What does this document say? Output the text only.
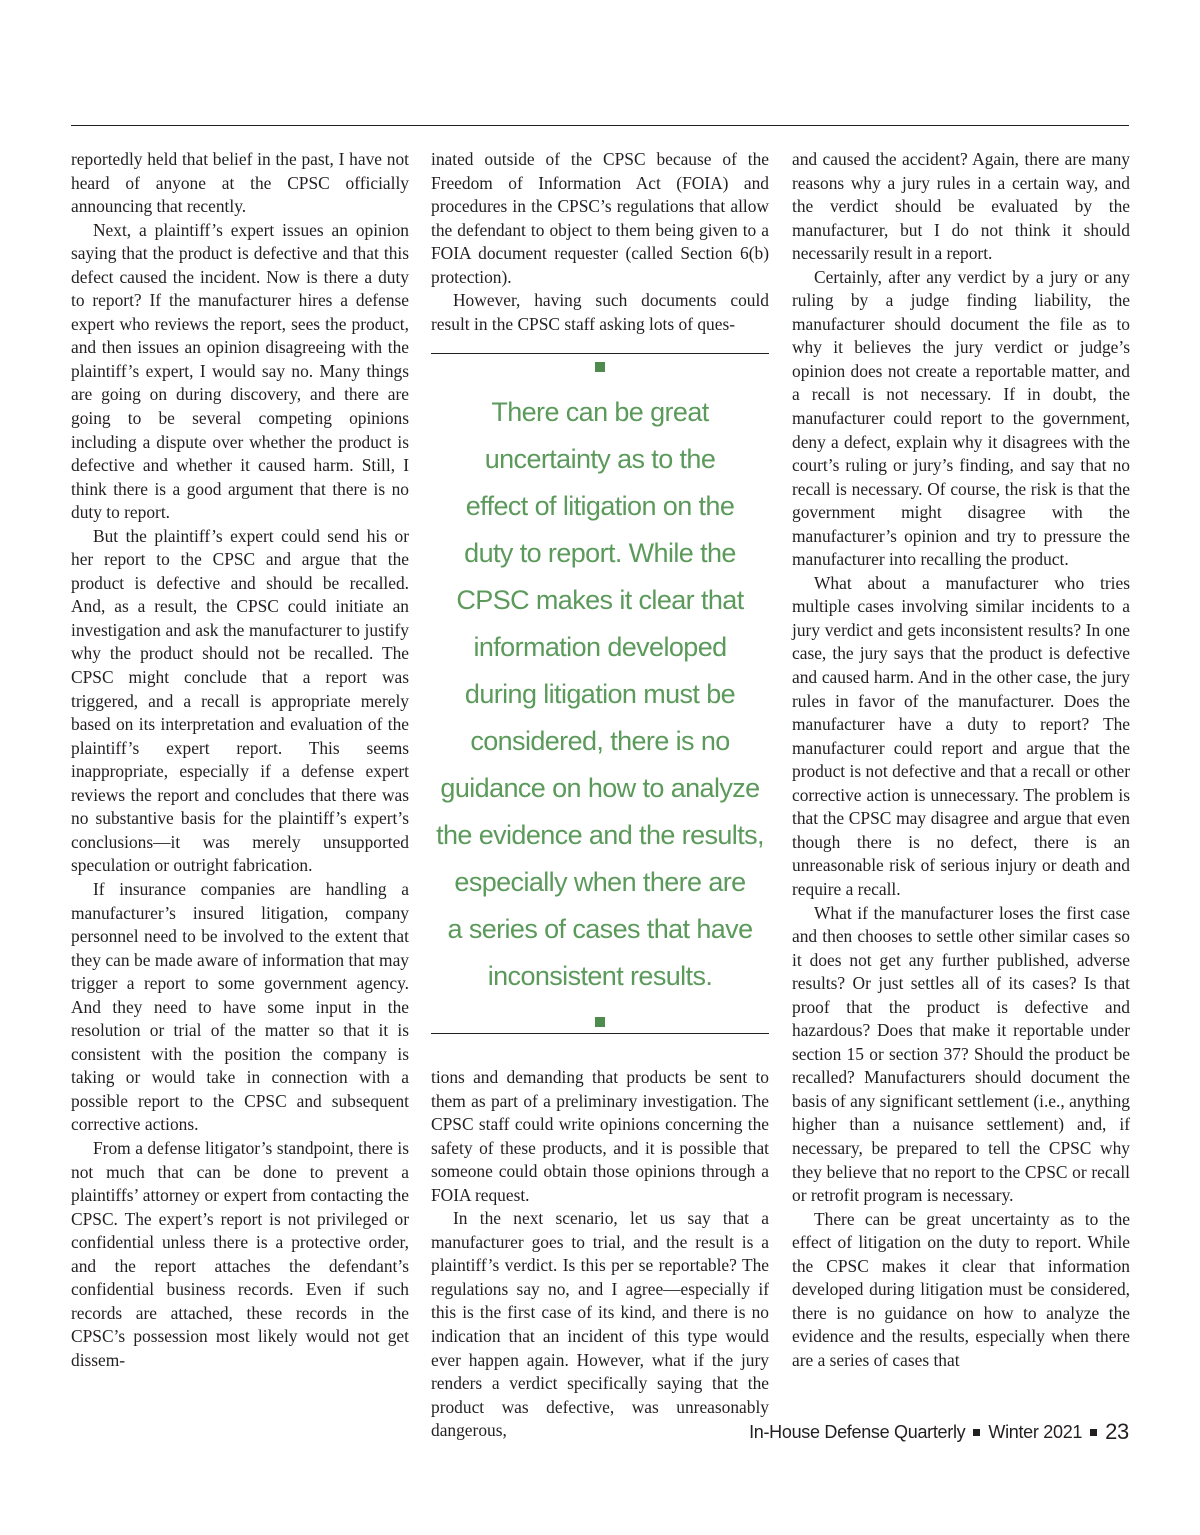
reportedly held that belief in the past, I have not heard of anyone at the CPSC officially announcing that recently.

Next, a plaintiff’s expert issues an opinion saying that the product is defective and that this defect caused the incident. Now is there a duty to report? If the manufacturer hires a defense expert who reviews the report, sees the product, and then issues an opinion disagreeing with the plaintiff’s expert, I would say no. Many things are going on during discovery, and there are going to be several competing opinions including a dispute over whether the product is defective and whether it caused harm. Still, I think there is a good argument that there is no duty to report.

But the plaintiff’s expert could send his or her report to the CPSC and argue that the product is defective and should be recalled. And, as a result, the CPSC could initiate an investigation and ask the manufacturer to justify why the product should not be recalled. The CPSC might conclude that a report was triggered, and a recall is appropriate merely based on its interpretation and evaluation of the plaintiff’s expert report. This seems inappropriate, especially if a defense expert reviews the report and concludes that there was no substantive basis for the plaintiff’s expert’s conclusions—it was merely unsupported speculation or outright fabrication.

If insurance companies are handling a manufacturer’s insured litigation, company personnel need to be involved to the extent that they can be made aware of information that may trigger a report to some government agency. And they need to have some input in the resolution or trial of the matter so that it is consistent with the position the company is taking or would take in connection with a possible report to the CPSC and subsequent corrective actions.

From a defense litigator’s standpoint, there is not much that can be done to prevent a plaintiffs’ attorney or expert from contacting the CPSC. The expert’s report is not privileged or confidential unless there is a protective order, and the report attaches the defendant’s confidential business records. Even if such records are attached, these records in the CPSC’s possession most likely would not get dissem-

inated outside of the CPSC because of the Freedom of Information Act (FOIA) and procedures in the CPSC’s regulations that allow the defendant to object to them being given to a FOIA document requester (called Section 6(b) protection).

However, having such documents could result in the CPSC staff asking lots of ques-

There can be great
uncertainty as to the
effect of litigation on the
duty to report. While the
CPSC makes it clear that
information developed
during litigation must be
considered, there is no
guidance on how to analyze
the evidence and the results,
especially when there are
a series of cases that have
inconsistent results.

tions and demanding that products be sent to them as part of a preliminary investigation. The CPSC staff could write opinions concerning the safety of these products, and it is possible that someone could obtain those opinions through a FOIA request.

In the next scenario, let us say that a manufacturer goes to trial, and the result is a plaintiff’s verdict. Is this per se reportable? The regulations say no, and I agree—especially if this is the first case of its kind, and there is no indication that an incident of this type would ever happen again. However, what if the jury renders a verdict specifically saying that the product was defective, was unreasonably dangerous,

and caused the accident? Again, there are many reasons why a jury rules in a certain way, and the verdict should be evaluated by the manufacturer, but I do not think it should necessarily result in a report.

Certainly, after any verdict by a jury or any ruling by a judge finding liability, the manufacturer should document the file as to why it believes the jury verdict or judge’s opinion does not create a reportable matter, and a recall is not necessary. If in doubt, the manufacturer could report to the government, deny a defect, explain why it disagrees with the court’s ruling or jury’s finding, and say that no recall is necessary. Of course, the risk is that the government might disagree with the manufacturer’s opinion and try to pressure the manufacturer into recalling the product.

What about a manufacturer who tries multiple cases involving similar incidents to a jury verdict and gets inconsistent results? In one case, the jury says that the product is defective and caused harm. And in the other case, the jury rules in favor of the manufacturer. Does the manufacturer have a duty to report? The manufacturer could report and argue that the product is not defective and that a recall or other corrective action is unnecessary. The problem is that the CPSC may disagree and argue that even though there is no defect, there is an unreasonable risk of serious injury or death and require a recall.

What if the manufacturer loses the first case and then chooses to settle other similar cases so it does not get any further published, adverse results? Or just settles all of its cases? Is that proof that the product is defective and hazardous? Does that make it reportable under section 15 or section 37? Should the product be recalled? Manufacturers should document the basis of any significant settlement (i.e., anything higher than a nuisance settlement) and, if necessary, be prepared to tell the CPSC why they believe that no report to the CPSC or recall or retrofit program is necessary.

There can be great uncertainty as to the effect of litigation on the duty to report. While the CPSC makes it clear that information developed during litigation must be considered, there is no guidance on how to analyze the evidence and the results, especially when there are a series of cases that

In-House Defense Quarterly Winter 2021 23
